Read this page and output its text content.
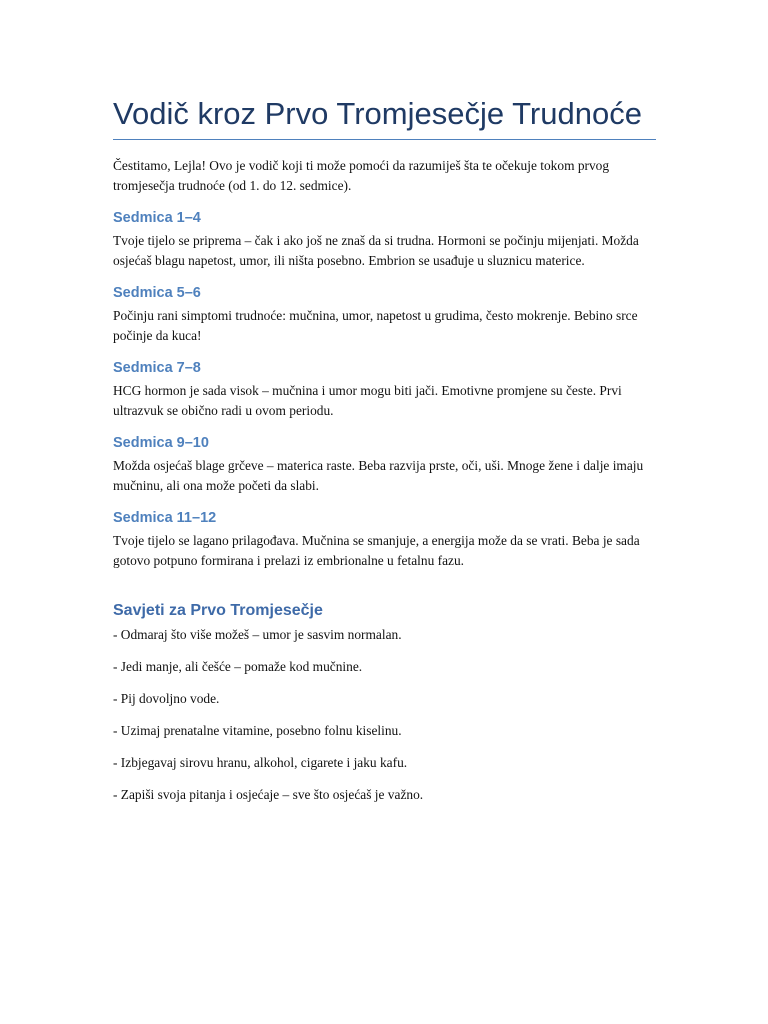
Vodič kroz Prvo Tromjesečje Trudnoće

Čestitamo, Lejla! Ovo je vodič koji ti može pomoći da razumiješ šta te očekuje tokom prvog tromjesečja trudnoće (od 1. do 12. sedmice).

Sedmica 1–4

Tvoje tijelo se priprema – čak i ako još ne znaš da si trudna. Hormoni se počinju mijenjati. Možda osjećaš blagu napetost, umor, ili ništa posebno. Embrion se usađuje u sluznicu materice.

Sedmica 5–6

Počinju rani simptomi trudnoće: mučnina, umor, napetost u grudima, često mokrenje. Bebino srce počinje da kuca!

Sedmica 7–8

HCG hormon je sada visok – mučnina i umor mogu biti jači. Emotivne promjene su česte. Prvi ultrazvuk se obično radi u ovom periodu.

Sedmica 9–10

Možda osjećaš blage grčeve – materica raste. Beba razvija prste, oči, uši. Mnoge žene i dalje imaju mučninu, ali ona može početi da slabi.

Sedmica 11–12

Tvoje tijelo se lagano prilagođava. Mučnina se smanjuje, a energija može da se vrati. Beba je sada gotovo potpuno formirana i prelazi iz embrionalne u fetalnu fazu.

Savjeti za Prvo Tromjesečje
- Odmaraj što više možeš – umor je sasvim normalan.
- Jedi manje, ali češće – pomaže kod mučnine.
- Pij dovoljno vode.
- Uzimaj prenatalne vitamine, posebno folnu kiselinu.
- Izbjegavaj sirovu hranu, alkohol, cigarete i jaku kafu.
- Zapiši svoja pitanja i osjećaje – sve što osjećaš je važno.
